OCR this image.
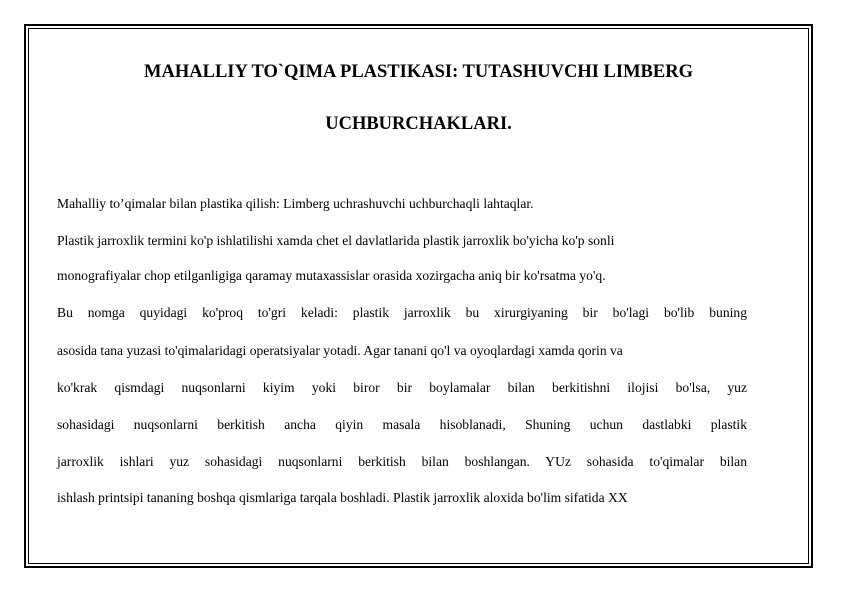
MAHALLIY TO`QIMA PLASTIKASI: TUTASHUVCHI LIMBERG
UCHBURCHAKLARI.
Mahalliy to’qimalar bilan plastika qilish: Limberg uchrashuvchi uchburchaqli lahtaqlar.
Plastik jarroxlik termini ko'p ishlatilishi xamda chet el davlatlarida plastik jarroxlik bo'yicha ko'p sonli
monografiyalar chop etilganligiga qaramay mutaxassislar orasida xozirgacha aniq bir ko'rsatma yo'q.
Bu nomga quyidagi ko'proq to'gri keladi: plastik jarroxlik bu xirurgiyaning bir bo'lagi bo'lib buning
asosida tana yuzasi to'qimalaridagi operatsiyalar yotadi. Agar tanani qo'l va oyoqlardagi xamda qorin va
ko'krak qismdagi nuqsonlarni kiyim yoki biror bir boylamalar bilan berkitishni ilojisi bo'lsa, yuz
sohasidagi nuqsonlarni berkitish ancha qiyin masala hisoblanadi, Shuning uchun dastlabki plastik
jarroxlik ishlari yuz sohasidagi nuqsonlarni berkitish bilan boshlangan. YUz sohasida to'qimalar bilan
ishlash printsipi tananing boshqa qismlariga tarqala boshladi. Plastik jarroxlik aloxida bo'lim sifatida XX
